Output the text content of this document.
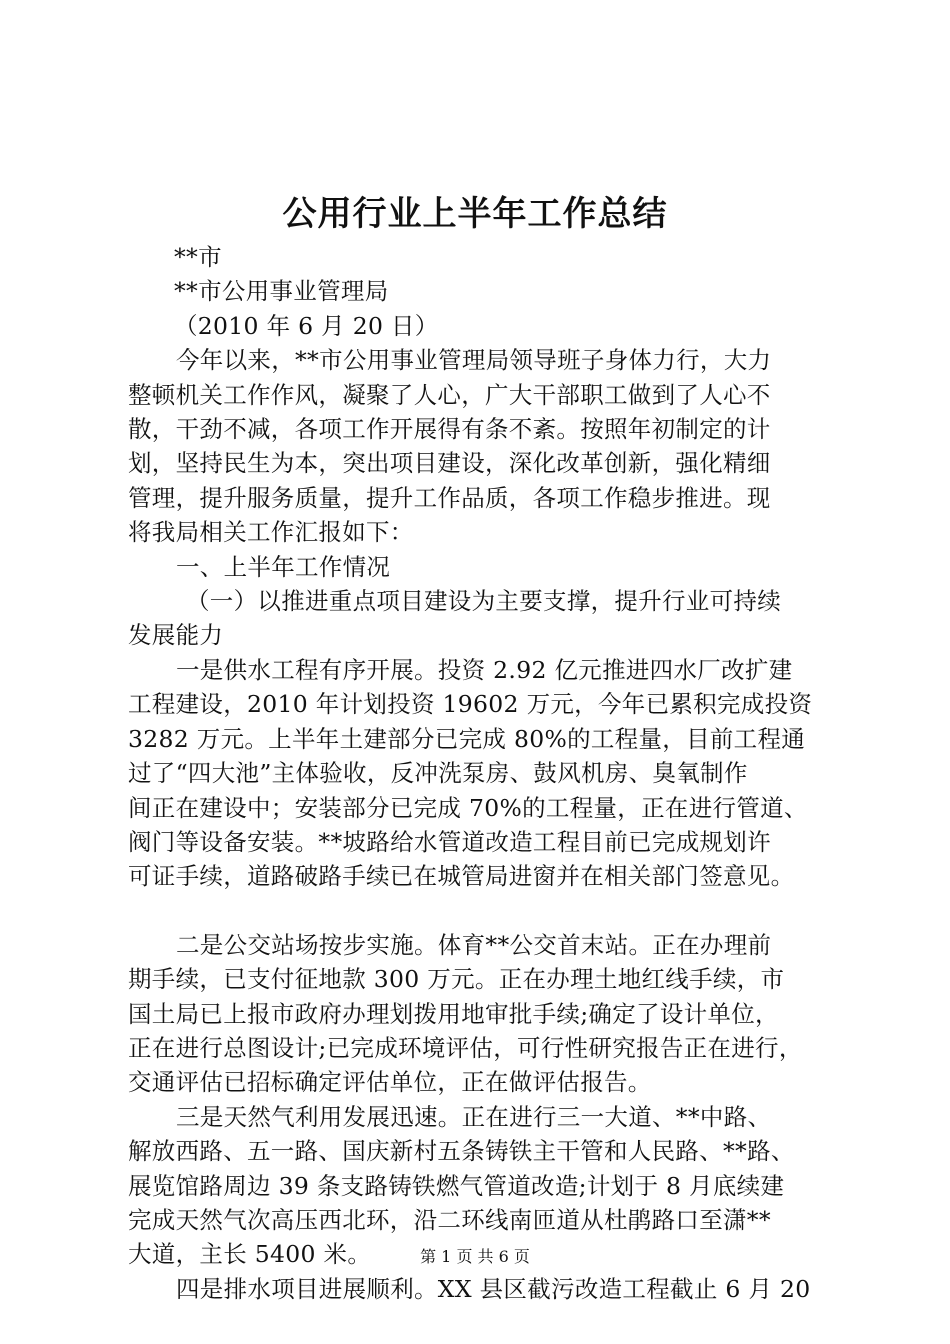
公用行业上半年工作总结

**市

**市公用事业管理局

（2010 年 6 月 20 日）

今年以来，**市公用事业管理局领导班子身体力行，大力

整顿机关工作作风，凝聚了人心，广大干部职工做到了人心不

散，干劲不减，各项工作开展得有条不紊。按照年初制定的计

划，坚持民生为本，突出项目建设，深化改革创新，强化精细

管理，提升服务质量，提升工作品质，各项工作稳步推进。现

将我局相关工作汇报如下：

一、上半年工作情况

（一）以推进重点项目建设为主要支撑，提升行业可持续

发展能力

一是供水工程有序开展。投资 2.92 亿元推进四水厂改扩建

工程建设，2010 年计划投资 19602 万元，今年已累积完成投资

3282 万元。上半年土建部分已完成 80%的工程量，目前工程通

过了“四大池”主体验收，反冲洗泵房、鼓风机房、臭氧制作

间正在建设中；安装部分已完成 70%的工程量，正在进行管道、

阀门等设备安装。**坡路给水管道改造工程目前已完成规划许

可证手续，道路破路手续已在城管局进窗并在相关部门签意见。

二是公交站场按步实施。体育**公交首末站。正在办理前

期手续，已支付征地款 300 万元。正在办理土地红线手续，市

国土局已上报市政府办理划拨用地审批手续;确定了设计单位，

正在进行总图设计;已完成环境评估，可行性研究报告正在进行，

交通评估已招标确定评估单位，正在做评估报告。

三是天然气利用发展迅速。正在进行三一大道、**中路、

解放西路、五一路、国庆新村五条铸铁主干管和人民路、**路、

展览馆路周边 39 条支路铸铁燃气管道改造;计划于 8 月底续建

完成天然气次高压西北环，沿二环线南匝道从杜鹃路口至潇**

大道，主长 5400 米。

四是排水项目进展顺利。XX 县区截污改造工程截止 6 月 20

第 1 页 共 6 页
